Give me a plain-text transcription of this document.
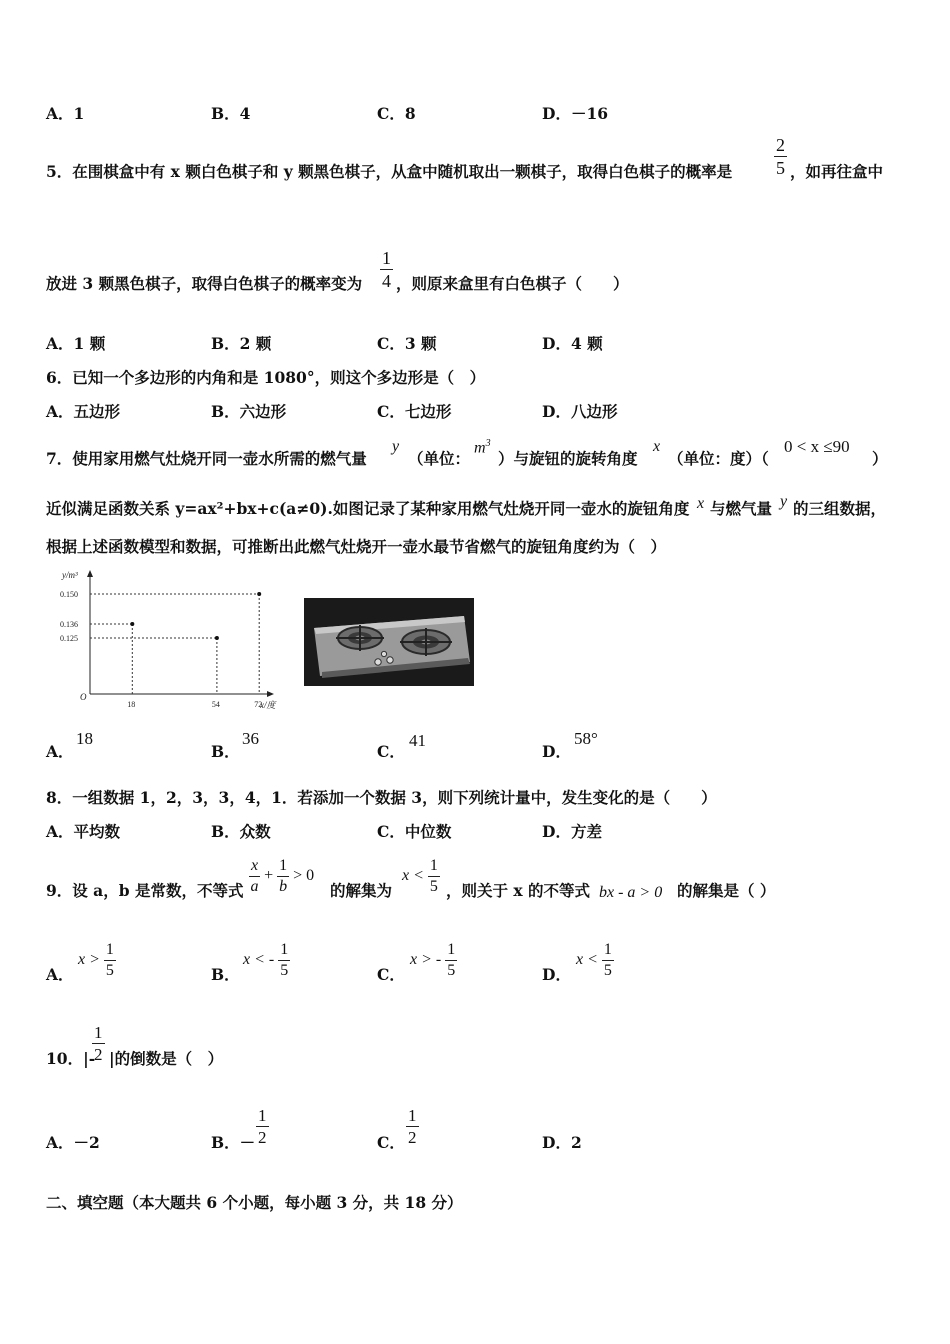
A．1	B．4	C．8	D．－16
5．在围棋盒中有 x 颗白色棋子和 y 颗黑色棋子，从盒中随机取出一颗棋子，取得白色棋子的概率是 $\frac{2}{5}$ ，如再往盒中
放进 3 颗黑色棋子，取得白色棋子的概率变为 $\frac{1}{4}$ ，则原来盒里有白色棋子（　　）
A．1 颗	B．2 颗	C．3 颗	D．4 颗
6．已知一个多边形的内角和是 1080°，则这个多边形是（　）
A．五边形	B．六边形	C．七边形	D．八边形
7．使用家用燃气灶烧开同一壶水所需的燃气量
y
（单位：
$m^3$
）与旋钮的旋转角度
x
（单位：度）（
0 < x ≤90
）
近似满足函数关系 y=ax²+bx+c(a≠0).如图记录了某种家用燃气灶烧开同一壶水的旋钮角度 x 与燃气量 y 的三组数据，
根据上述函数模型和数据，可推断出此燃气灶烧开一壶水最节省燃气的旋钮角度约为（　）
y/m³
x/度
O
18	54	72
0.150
0.136
0.125
A．
18
B．
36
C．
41
D．
58°
8．一组数据 1，2，3，3，4，1．若添加一个数据 3，则下列统计量中，发生变化的是（　　）
A．平均数	B．众数	C．中位数	D．方差
9．设 a，b 是常数，不等式 $\frac{x}{a} + \frac{1}{b} > 0$
的解集为
$x < \frac{1}{5}$ ，则关于 x 的不等式 bx - a > 0 的解集是（ ）
A．
$x > \frac{1}{5}$	B．
x < - $\frac{1}{5}$	C．
x > - $\frac{1}{5}$	D．
$x < \frac{1}{5}$
10．|-
$\frac{1}{2}$ |的倒数是（　）
A．－2	B．－ $\frac{1}{2}$	C． $\frac{1}{2}$	D．2
二、填空题（本大题共 6 个小题，每小题 3 分，共 18 分）
